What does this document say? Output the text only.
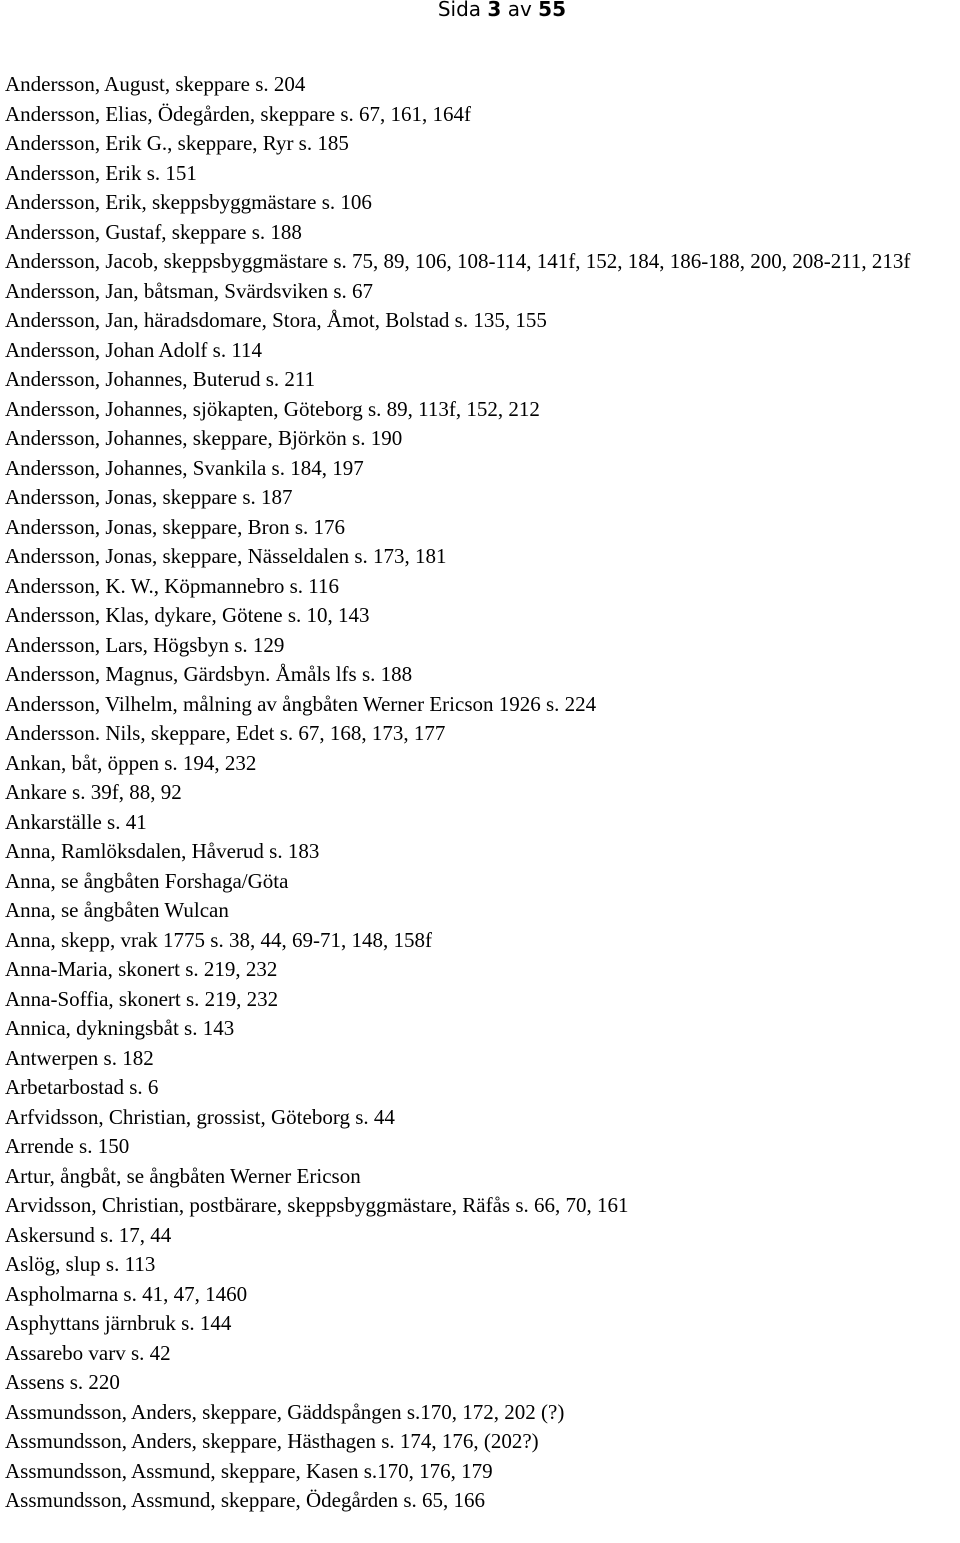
Sida 3 av 55
Andersson, August, skeppare s. 204
Andersson, Elias, Ödegården, skeppare s. 67, 161, 164f
Andersson, Erik G., skeppare, Ryr s. 185
Andersson, Erik s. 151
Andersson, Erik, skeppsbyggmästare s. 106
Andersson, Gustaf, skeppare s. 188
Andersson, Jacob, skeppsbyggmästare s. 75, 89, 106, 108-114, 141f, 152, 184, 186-188, 200, 208-211, 213f
Andersson, Jan, båtsman, Svärdsviken s. 67
Andersson, Jan, häradsdomare, Stora, Åmot, Bolstad s. 135, 155
Andersson, Johan Adolf s. 114
Andersson, Johannes, Buterud s. 211
Andersson, Johannes, sjökapten, Göteborg s. 89, 113f, 152, 212
Andersson, Johannes, skeppare, Björkön s. 190
Andersson, Johannes, Svankila s. 184, 197
Andersson, Jonas, skeppare s. 187
Andersson, Jonas, skeppare, Bron s. 176
Andersson, Jonas, skeppare, Nässeldalen s. 173, 181
Andersson, K. W., Köpmannebro s. 116
Andersson, Klas, dykare, Götene s. 10, 143
Andersson, Lars, Högsbyn s. 129
Andersson, Magnus, Gärdsbyn. Åmåls lfs s. 188
Andersson, Vilhelm, målning av ångbåten Werner Ericson 1926 s. 224
Andersson. Nils, skeppare, Edet s. 67, 168, 173, 177
Ankan, båt, öppen s. 194, 232
Ankare s. 39f, 88, 92
Ankarställe s. 41
Anna, Ramlöksdalen, Håverud s. 183
Anna, se ångbåten Forshaga/Göta
Anna, se ångbåten Wulcan
Anna, skepp, vrak 1775 s. 38, 44, 69-71, 148, 158f
Anna-Maria, skonert s. 219, 232
Anna-Soffia, skonert s. 219, 232
Annica, dykningsbåt s. 143
Antwerpen s. 182
Arbetarbostad s. 6
Arfvidsson, Christian, grossist, Göteborg s. 44
Arrende s. 150
Artur, ångbåt, se ångbåten Werner Ericson
Arvidsson, Christian, postbärare, skeppsbyggmästare, Räfås s. 66, 70, 161
Askersund s. 17, 44
Aslög, slup s. 113
Aspholmarna s. 41, 47, 1460
Asphyttans järnbruk s. 144
Assarebo varv s. 42
Assens s. 220
Assmundsson, Anders, skeppare, Gäddspången s.170, 172, 202 (?)
Assmundsson, Anders, skeppare, Hästhagen s. 174, 176, (202?)
Assmundsson, Assmund, skeppare, Kasen s.170, 176, 179
Assmundsson, Assmund, skeppare, Ödegården s. 65, 166
